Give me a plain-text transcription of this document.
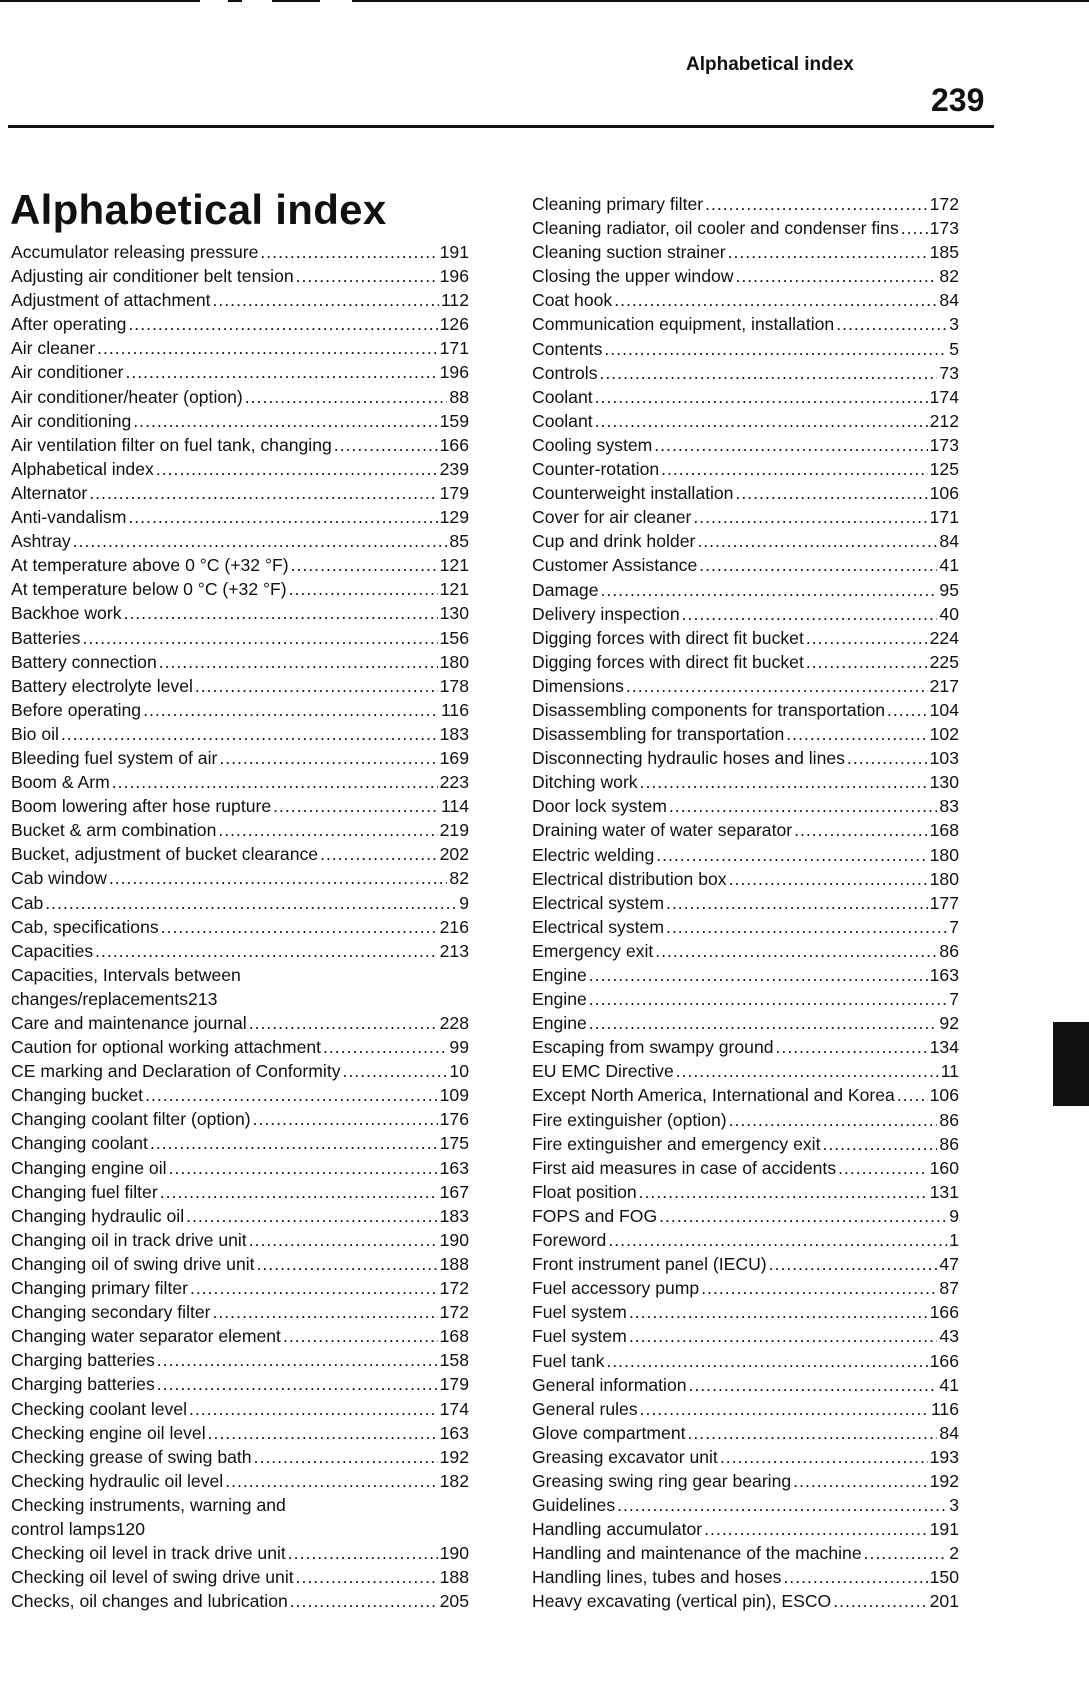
Alphabetical index
239
Alphabetical index
Accumulator releasing pressure .....	191
Adjusting air conditioner belt tension .....	196
Adjustment of attachment .....	112
After operating .....	126
Air cleaner .....	171
Air conditioner .....	196
Air conditioner/heater (option) .....	88
Air conditioning .....	159
Air ventilation filter on fuel tank, changing .....	166
Alphabetical index .....	239
Alternator .....	179
Anti-vandalism .....	129
Ashtray .....	85
At temperature above 0 °C (+32 °F) .....	121
At temperature below 0 °C (+32 °F) .....	121
Backhoe work .....	130
Batteries .....	156
Battery connection .....	180
Battery electrolyte level .....	178
Before operating .....	116
Bio oil .....	183
Bleeding fuel system of air .....	169
Boom & Arm .....	223
Boom lowering after hose rupture .....	114
Bucket & arm combination .....	219
Bucket, adjustment of bucket clearance .....	202
Cab window .....	82
Cab .....	9
Cab, specifications .....	216
Capacities .....	213
Capacities, Intervals between
changes/replacements 213
Care and maintenance journal .....	228
Caution for optional working attachment .....	99
CE marking and Declaration of Conformity .....	10
Changing bucket .....	109
Changing coolant filter (option) .....	176
Changing coolant .....	175
Changing engine oil .....	163
Changing fuel filter .....	167
Changing hydraulic oil .....	183
Changing oil in track drive unit .....	190
Changing oil of swing drive unit .....	188
Changing primary filter .....	172
Changing secondary filter .....	172
Changing water separator element .....	168
Charging batteries .....	158
Charging batteries .....	179
Checking coolant level .....	174
Checking engine oil level .....	163
Checking grease of swing bath .....	192
Checking hydraulic oil level .....	182
Checking instruments, warning and
control lamps 120
Checking oil level in track drive unit .....	190
Checking oil level of swing drive unit .....	188
Checks, oil changes and lubrication .....	205
Cleaning primary filter .....	172
Cleaning radiator, oil cooler and condenser fins ..... 173
Cleaning suction strainer .....	185
Closing the upper window .....	82
Coat hook .....	84
Communication equipment, installation .....	3
Contents .....	5
Controls .....	73
Coolant .....	174
Coolant .....	212
Cooling system .....	173
Counter-rotation .....	125
Counterweight installation .....	106
Cover for air cleaner .....	171
Cup and drink holder .....	84
Customer Assistance .....	41
Damage .....	95
Delivery inspection .....	40
Digging forces with direct fit bucket .....	224
Digging forces with direct fit bucket .....	225
Dimensions .....	217
Disassembling components for transportation .....	104
Disassembling for transportation .....	102
Disconnecting hydraulic hoses and lines .....	103
Ditching work .....	130
Door lock system .....	83
Draining water of water separator .....	168
Electric welding .....	180
Electrical distribution box .....	180
Electrical system .....	177
Electrical system .....	7
Emergency exit .....	86
Engine .....	163
Engine .....	7
Engine .....	92
Escaping from swampy ground .....	134
EU EMC Directive .....	11
Except North America, International and Korea ..... 106
Fire extinguisher (option) .....	86
Fire extinguisher and emergency exit .....	86
First aid measures in case of accidents .....	160
Float position .....	131
FOPS and FOG .....	9
Foreword .....	1
Front instrument panel (IECU) .....	47
Fuel accessory pump .....	87
Fuel system .....	166
Fuel system .....	43
Fuel tank .....	166
General information .....	41
General rules .....	116
Glove compartment .....	84
Greasing excavator unit .....	193
Greasing swing ring gear bearing .....	192
Guidelines .....	3
Handling accumulator .....	191
Handling and maintenance of the machine .....	2
Handling lines, tubes and hoses .....	150
Heavy excavating (vertical pin), ESCO .....	201
